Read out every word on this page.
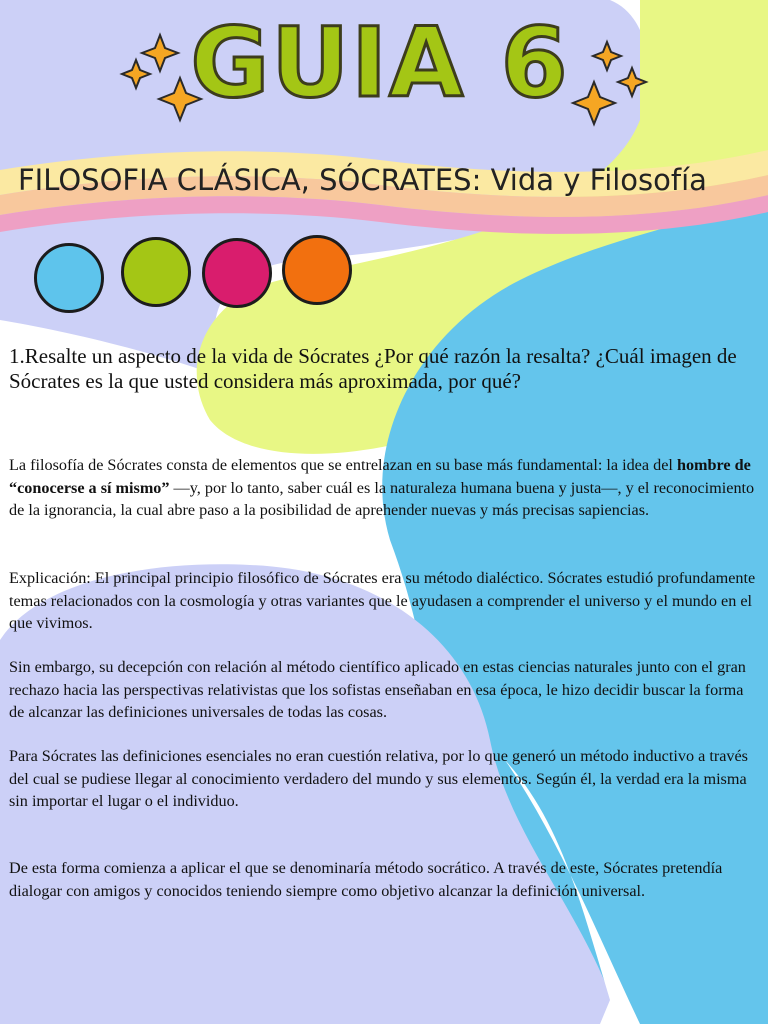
GUIA 6
FILOSOFIA CLÁSICA, SÓCRATES: Vida y Filosofía
1.Resalte un aspecto de la vida de Sócrates ¿Por qué razón la resalta? ¿Cuál imagen de Sócrates es la que usted considera más aproximada, por qué?
La filosofía de Sócrates consta de elementos que se entrelazan en su base más fundamental: la idea del hombre de “conocerse a sí mismo” —y, por lo tanto, saber cuál es la naturaleza humana buena y justa—, y el reconocimiento de la ignorancia, la cual abre paso a la posibilidad de aprehender nuevas y más precisas sapiencias.
Explicación: El principal principio filosófico de Sócrates era su método dialéctico. Sócrates estudió profundamente temas relacionados con la cosmología y otras variantes que le ayudasen a comprender el universo y el mundo en el que vivimos.
Sin embargo, su decepción con relación al método científico aplicado en estas ciencias naturales junto con el gran rechazo hacia las perspectivas relativistas que los sofistas enseñaban en esa época, le hizo decidir buscar la forma de alcanzar las definiciones universales de todas las cosas.
Para Sócrates las definiciones esenciales no eran cuestión relativa, por lo que generó un método inductivo a través del cual se pudiese llegar al conocimiento verdadero del mundo y sus elementos. Según él, la verdad era la misma sin importar el lugar o el individuo.
De esta forma comienza a aplicar el que se denominaría método socrático. A través de este, Sócrates pretendía dialogar con amigos y conocidos teniendo siempre como objetivo alcanzar la definición universal.
